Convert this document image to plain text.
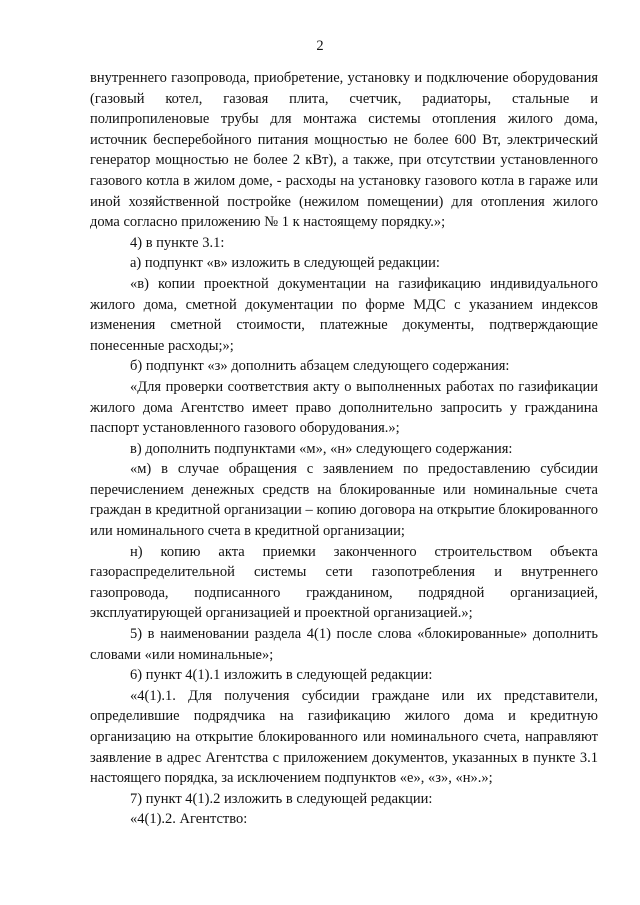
2

внутреннего газопровода, приобретение, установку и подключение оборудования (газовый котел, газовая плита, счетчик, радиаторы, стальные и полипропиленовые трубы для монтажа системы отопления жилого дома, источник бесперебойного питания мощностью не более 600 Вт, электрический генератор мощностью не более 2 кВт), а также, при отсутствии установленного газового котла в жилом доме, - расходы на установку газового котла в гараже или иной хозяйственной постройке (нежилом помещении) для отопления жилого дома согласно приложению № 1 к настоящему порядку.»;

4) в пункте 3.1:

а) подпункт «в» изложить в следующей редакции:

«в) копии проектной документации на газификацию индивидуального жилого дома, сметной документации по форме МДС с указанием индексов изменения сметной стоимости, платежные документы, подтверждающие понесенные расходы;»;

б) подпункт «з» дополнить абзацем следующего содержания:

«Для проверки соответствия акту о выполненных работах по газификации жилого дома Агентство имеет право дополнительно запросить у гражданина паспорт установленного газового оборудования.»;

в) дополнить подпунктами «м», «н» следующего содержания:

«м) в случае обращения с заявлением по предоставлению субсидии перечислением денежных средств на блокированные или номинальные счета граждан в кредитной организации – копию договора на открытие блокированного или номинального счета в кредитной организации;

н) копию акта приемки законченного строительством объекта газораспределительной системы сети газопотребления и внутреннего газопровода, подписанного гражданином, подрядной организацией, эксплуатирующей организацией и проектной организацией.»;

5) в наименовании раздела 4(1) после слова «блокированные» дополнить словами «или номинальные»;

6) пункт 4(1).1 изложить в следующей редакции:

«4(1).1. Для получения субсидии граждане или их представители, определившие подрядчика на газификацию жилого дома и кредитную организацию на открытие блокированного или номинального счета, направляют заявление в адрес Агентства с приложением документов, указанных в пункте 3.1 настоящего порядка, за исключением подпунктов «е», «з», «н».»;

7) пункт 4(1).2 изложить в следующей редакции:

«4(1).2. Агентство:
